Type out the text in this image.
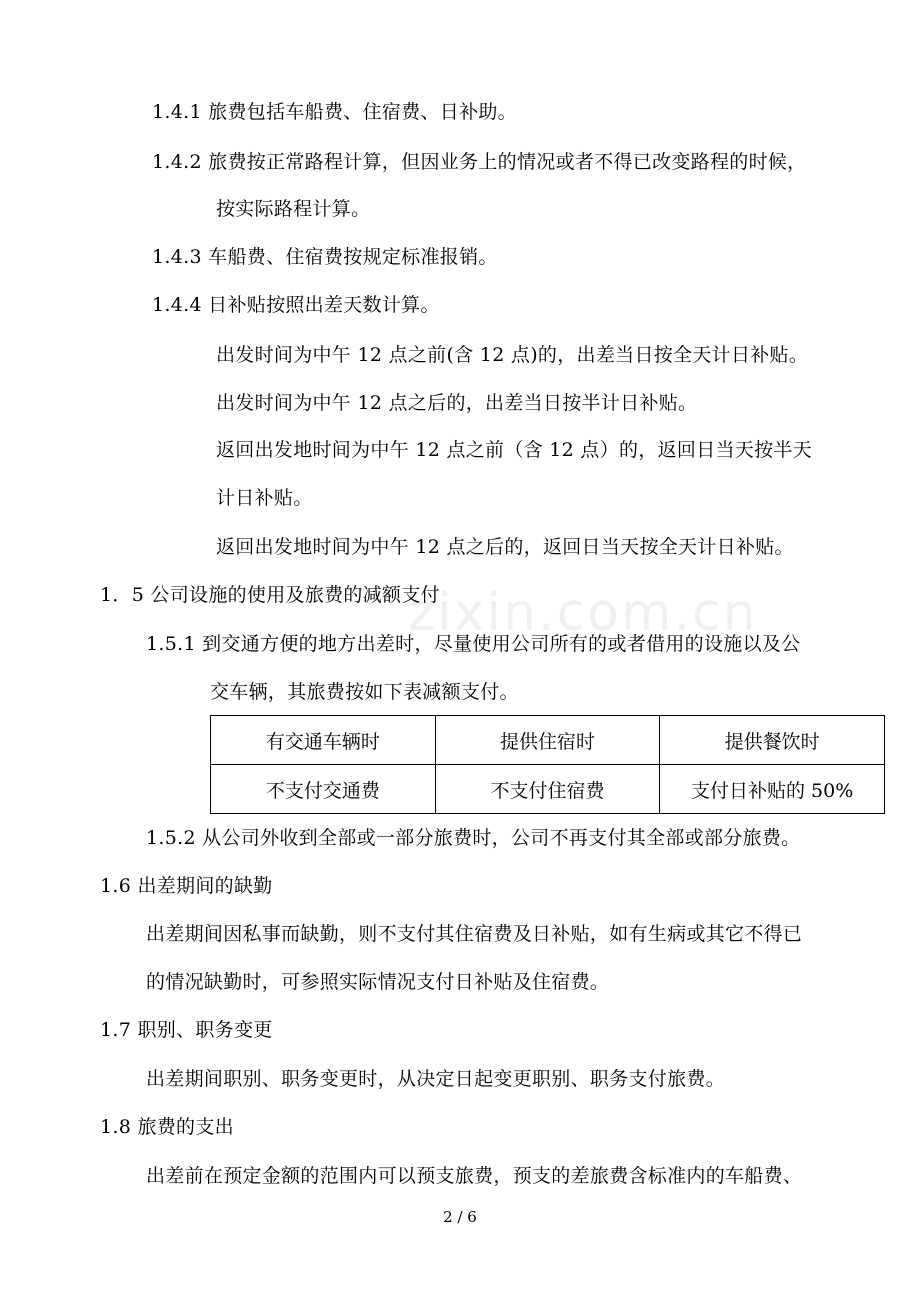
zixin.com.cn
1.4.1 旅费包括车船费、住宿费、日补助。
1.4.2 旅费按正常路程计算，但因业务上的情况或者不得已改变路程的时候，
按实际路程计算。
1.4.3 车船费、住宿费按规定标准报销。
1.4.4 日补贴按照出差天数计算。
出发时间为中午 12 点之前(含 12 点)的，出差当日按全天计日补贴。
出发时间为中午 12 点之后的，出差当日按半计日补贴。
返回出发地时间为中午 12 点之前（含 12 点）的，返回日当天按半天
计日补贴。
返回出发地时间为中午 12 点之后的，返回日当天按全天计日补贴。
1．5 公司设施的使用及旅费的减额支付
1.5.1 到交通方便的地方出差时，尽量使用公司所有的或者借用的设施以及公
交车辆，其旅费按如下表减额支付。
有交通车辆时	提供住宿时	提供餐饮时
不支付交通费	不支付住宿费	支付日补贴的 50%
1.5.2 从公司外收到全部或一部分旅费时，公司不再支付其全部或部分旅费。
1.6 出差期间的缺勤
出差期间因私事而缺勤，则不支付其住宿费及日补贴，如有生病或其它不得已
的情况缺勤时，可参照实际情况支付日补贴及住宿费。
1.7 职别、职务变更
出差期间职别、职务变更时，从决定日起变更职别、职务支付旅费。
1.8 旅费的支出
出差前在预定金额的范围内可以预支旅费，预支的差旅费含标准内的车船费、
2 / 6
